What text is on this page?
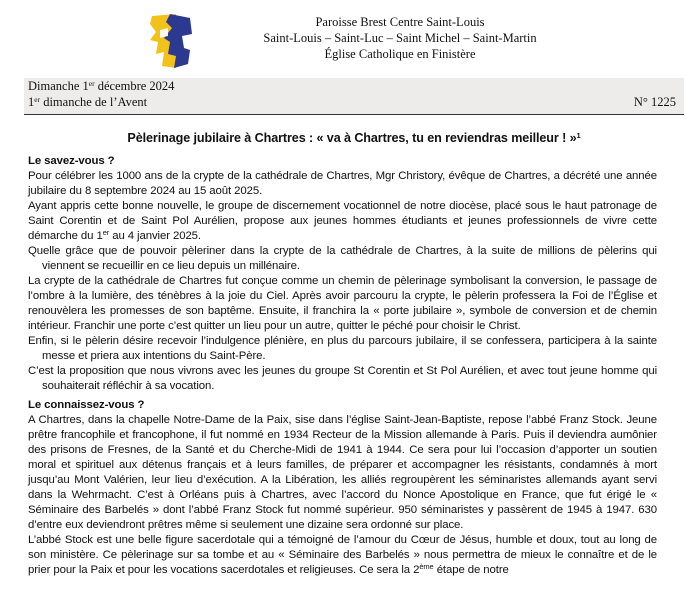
Paroisse Brest Centre Saint-Louis
Saint-Louis – Saint-Luc – Saint Michel – Saint-Martin
Église Catholique en Finistère
Dimanche 1er décembre 2024
1er dimanche de l’Avent	N° 1225
Pèlerinage jubilaire à Chartres : « va à Chartres, tu en reviendras meilleur ! »$^1$

Le savez-vous ?

Pour célébrer les 1000 ans de la crypte de la cathédrale de Chartres, Mgr Christory, évêque de Chartres, a décrété une année jubilaire du 8 septembre 2024 au 15 août 2025.

Ayant appris cette bonne nouvelle, le groupe de discernement vocationnel de notre diocèse, placé sous le haut patronage de Saint Corentin et de Saint Pol Aurélien, propose aux jeunes hommes étudiants et jeunes professionnels de vivre cette démarche du 1er au 4 janvier 2025.

Quelle grâce que de pouvoir pèleriner dans la crypte de la cathédrale de Chartres, à la suite de millions de pèlerins qui viennent se recueillir en ce lieu depuis un millénaire.

La crypte de la cathédrale de Chartres fut conçue comme un chemin de pèlerinage symbolisant la conversion, le passage de l’ombre à la lumière, des ténèbres à la joie du Ciel. Après avoir parcouru la crypte, le pèlerin professera la Foi de l’Église et renouvèlera les promesses de son baptême. Ensuite, il franchira la « porte jubilaire », symbole de conversion et de chemin intérieur. Franchir une porte c’est quitter un lieu pour un autre, quitter le péché pour choisir le Christ.

Enfin, si le pèlerin désire recevoir l’indulgence plénière, en plus du parcours jubilaire, il se confessera, participera à la sainte messe et priera aux intentions du Saint-Père.

C’est la proposition que nous vivrons avec les jeunes du groupe St Corentin et St Pol Aurélien, et avec tout jeune homme qui souhaiterait réfléchir à sa vocation.

Le connaissez-vous ?

A Chartres, dans la chapelle Notre-Dame de la Paix, sise dans l’église Saint-Jean-Baptiste, repose l’abbé Franz Stock. Jeune prêtre francophile et francophone, il fut nommé en 1934 Recteur de la Mission allemande à Paris. Puis il deviendra aumônier des prisons de Fresnes, de la Santé et du Cherche-Midi de 1941 à 1944. Ce sera pour lui l’occasion d’apporter un soutien moral et spirituel aux détenus français et à leurs familles, de préparer et accompagner les résistants, condamnés à mort jusqu’au Mont Valérien, leur lieu d’exécution. A la Libération, les alliés regroupèrent les séminaristes allemands ayant servi dans la Wehrmacht. C’est à Orléans puis à Chartres, avec l’accord du Nonce Apostolique en France, que fut érigé le « Séminaire des Barbelés » dont l’abbé Franz Stock fut nommé supérieur. 950 séminaristes y passèrent de 1945 à 1947. 630 d’entre eux deviendront prêtres même si seulement une dizaine sera ordonné sur place.

L’abbé Stock est une belle figure sacerdotale qui a témoigné de l’amour du Cœur de Jésus, humble et doux, tout au long de son ministère. Ce pèlerinage sur sa tombe et au « Séminaire des Barbelés » nous permettra de mieux le connaître et de le prier pour la Paix et pour les vocations sacerdotales et religieuses. Ce sera la 2ème étape de notre
